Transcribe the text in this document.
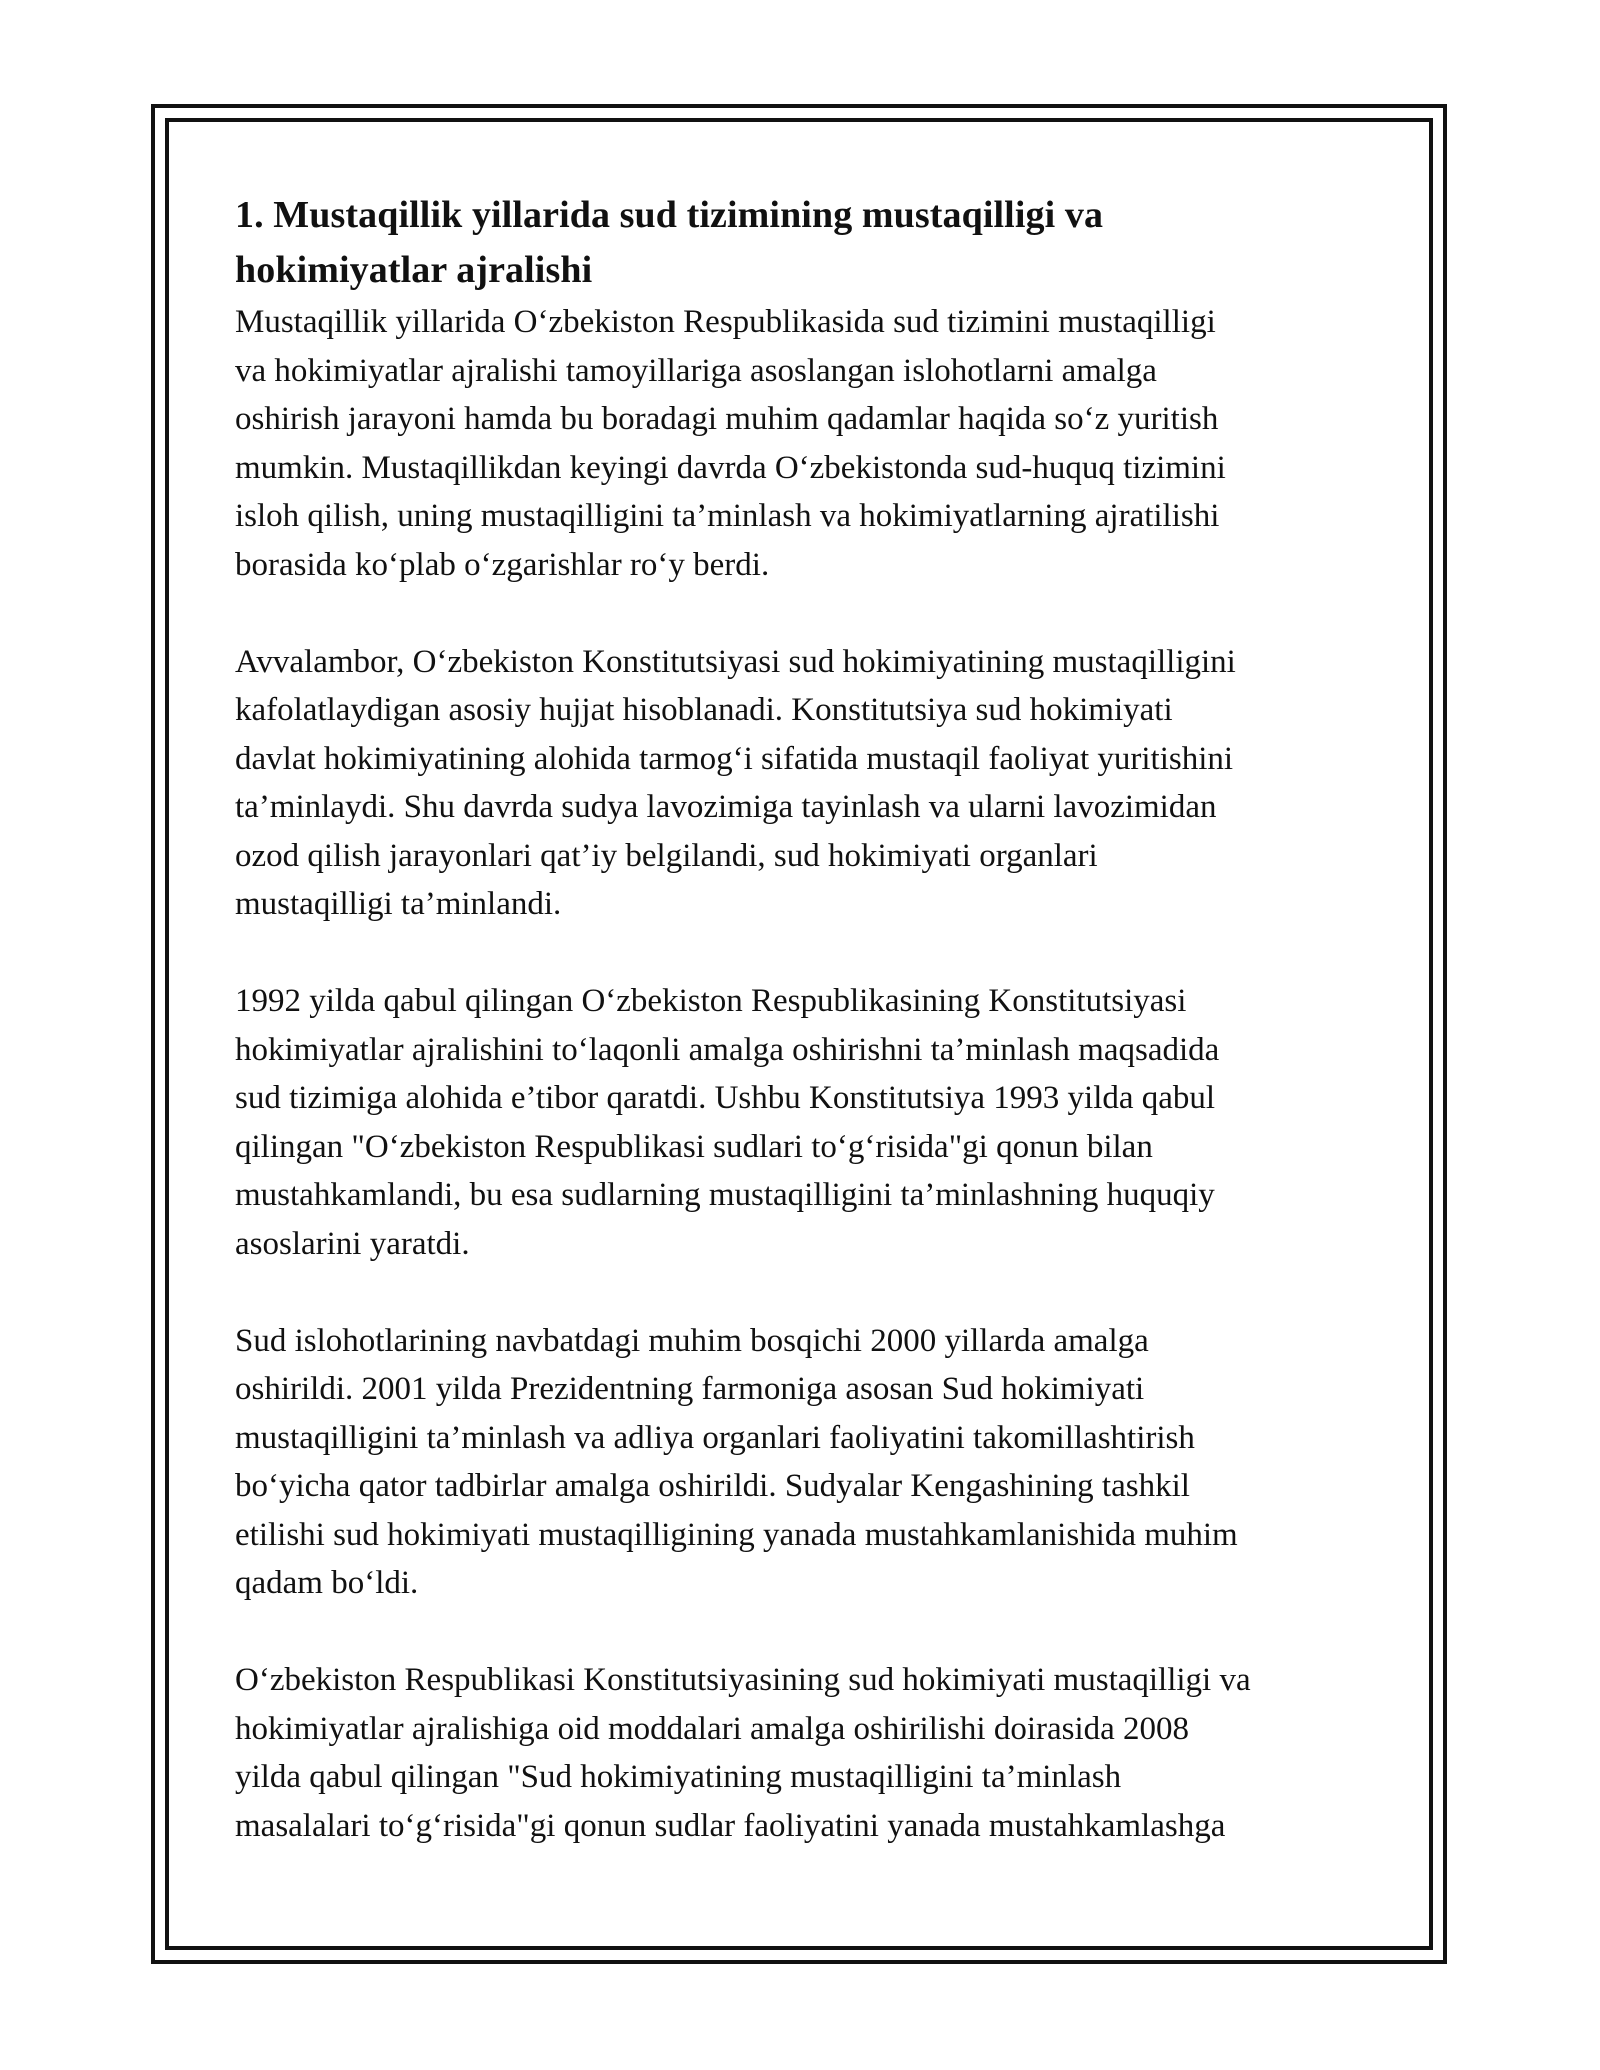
1. Mustaqillik yillarida sud tizimining mustaqilligi va
hokimiyatlar ajralishi

Mustaqillik yillarida O‘zbekiston Respublikasida sud tizimini mustaqilligi
va hokimiyatlar ajralishi tamoyillariga asoslangan islohotlarni amalga
oshirish jarayoni hamda bu boradagi muhim qadamlar haqida so‘z yuritish
mumkin. Mustaqillikdan keyingi davrda O‘zbekistonda sud-huquq tizimini
isloh qilish, uning mustaqilligini ta’minlash va hokimiyatlarning ajratilishi
borasida ko‘plab o‘zgarishlar ro‘y berdi.

Avvalambor, O‘zbekiston Konstitutsiyasi sud hokimiyatining mustaqilligini
kafolatlaydigan asosiy hujjat hisoblanadi. Konstitutsiya sud hokimiyati
davlat hokimiyatining alohida tarmog‘i sifatida mustaqil faoliyat yuritishini
ta’minlaydi. Shu davrda sudya lavozimiga tayinlash va ularni lavozimidan
ozod qilish jarayonlari qat’iy belgilandi, sud hokimiyati organlari
mustaqilligi ta’minlandi.

1992 yilda qabul qilingan O‘zbekiston Respublikasining Konstitutsiyasi
hokimiyatlar ajralishini to‘laqonli amalga oshirishni ta’minlash maqsadida
sud tizimiga alohida e’tibor qaratdi. Ushbu Konstitutsiya 1993 yilda qabul
qilingan "O‘zbekiston Respublikasi sudlari to‘g‘risida"gi qonun bilan
mustahkamlandi, bu esa sudlarning mustaqilligini ta’minlashning huquqiy
asoslarini yaratdi.

Sud islohotlarining navbatdagi muhim bosqichi 2000 yillarda amalga
oshirildi. 2001 yilda Prezidentning farmoniga asosan Sud hokimiyati
mustaqilligini ta’minlash va adliya organlari faoliyatini takomillashtirish
bo‘yicha qator tadbirlar amalga oshirildi. Sudyalar Kengashining tashkil
etilishi sud hokimiyati mustaqilligining yanada mustahkamlanishida muhim
qadam bo‘ldi.

O‘zbekiston Respublikasi Konstitutsiyasining sud hokimiyati mustaqilligi va
hokimiyatlar ajralishiga oid moddalari amalga oshirilishi doirasida 2008
yilda qabul qilingan "Sud hokimiyatining mustaqilligini ta’minlash
masalalari to‘g‘risida"gi qonun sudlar faoliyatini yanada mustahkamlashga
